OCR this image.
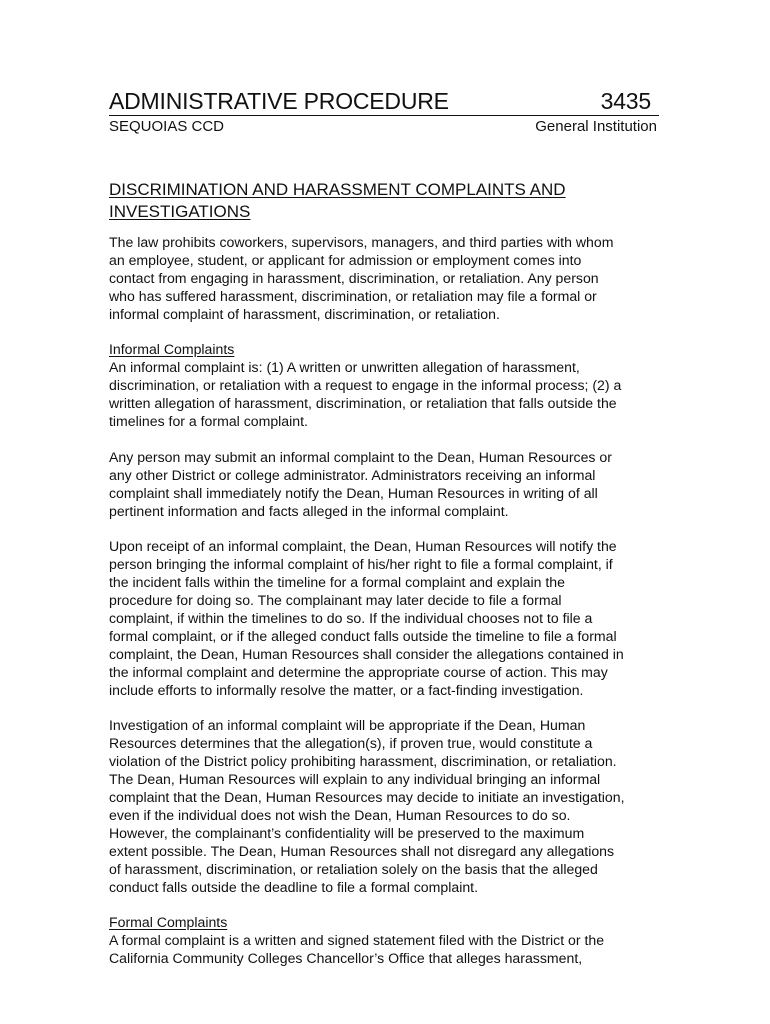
ADMINISTRATIVE PROCEDURE	3435
SEQUOIAS CCD	General Institution
DISCRIMINATION AND HARASSMENT COMPLAINTS AND
INVESTIGATIONS
The law prohibits coworkers, supervisors, managers, and third parties with whom
an employee, student, or applicant for admission or employment comes into
contact from engaging in harassment, discrimination, or retaliation. Any person
who has suffered harassment, discrimination, or retaliation may file a formal or
informal complaint of harassment, discrimination, or retaliation.
Informal Complaints
An informal complaint is: (1) A written or unwritten allegation of harassment,
discrimination, or retaliation with a request to engage in the informal process; (2) a
written allegation of harassment, discrimination, or retaliation that falls outside the
timelines for a formal complaint.
Any person may submit an informal complaint to the Dean, Human Resources or
any other District or college administrator. Administrators receiving an informal
complaint shall immediately notify the Dean, Human Resources in writing of all
pertinent information and facts alleged in the informal complaint.
Upon receipt of an informal complaint, the Dean, Human Resources will notify the
person bringing the informal complaint of his/her right to file a formal complaint, if
the incident falls within the timeline for a formal complaint and explain the
procedure for doing so. The complainant may later decide to file a formal
complaint, if within the timelines to do so. If the individual chooses not to file a
formal complaint, or if the alleged conduct falls outside the timeline to file a formal
complaint, the Dean, Human Resources shall consider the allegations contained in
the informal complaint and determine the appropriate course of action. This may
include efforts to informally resolve the matter, or a fact-finding investigation.
Investigation of an informal complaint will be appropriate if the Dean, Human
Resources determines that the allegation(s), if proven true, would constitute a
violation of the District policy prohibiting harassment, discrimination, or retaliation.
The Dean, Human Resources will explain to any individual bringing an informal
complaint that the Dean, Human Resources may decide to initiate an investigation,
even if the individual does not wish the Dean, Human Resources to do so.
However, the complainant’s confidentiality will be preserved to the maximum
extent possible. The Dean, Human Resources shall not disregard any allegations
of harassment, discrimination, or retaliation solely on the basis that the alleged
conduct falls outside the deadline to file a formal complaint.
Formal Complaints
A formal complaint is a written and signed statement filed with the District or the
California Community Colleges Chancellor’s Office that alleges harassment,
